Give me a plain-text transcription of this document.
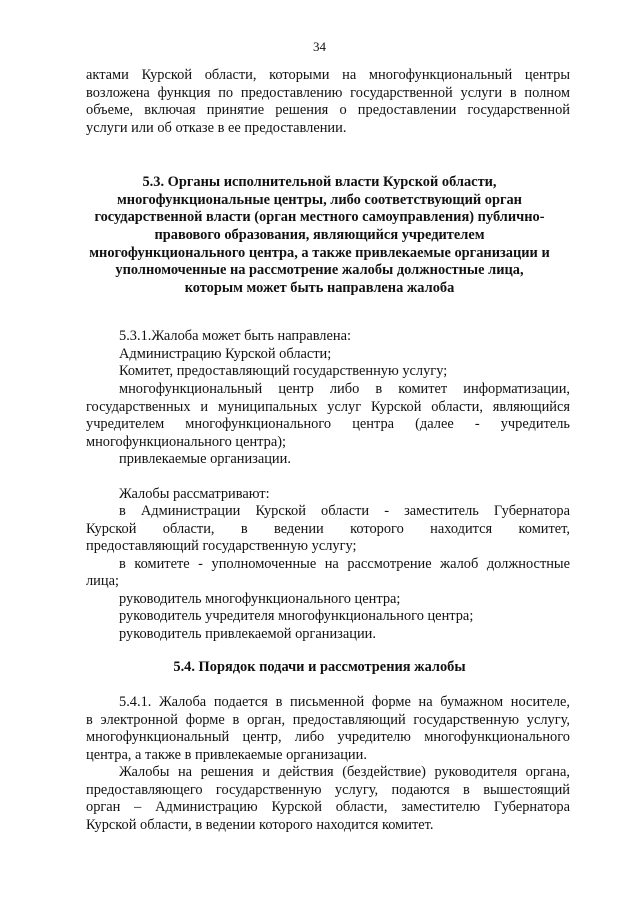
34
актами Курской области, которыми на многофункциональный центры
возложена функция по предоставлению государственной услуги в полном
объеме, включая принятие решения о предоставлении государственной
услуги или об отказе в ее предоставлении.
5.3. Органы исполнительной власти Курской области,
многофункциональные центры, либо соответствующий орган
государственной власти (орган местного самоуправления) публично-
правового образования, являющийся учредителем
многофункционального центра, а также привлекаемые организации и
уполномоченные на рассмотрение жалобы должностные лица,
которым может быть направлена жалоба
5.3.1.Жалоба может быть направлена:
Администрацию Курской области;
Комитет, предоставляющий государственную услугу;
многофункциональный центр либо в комитет информатизации,
государственных и муниципальных услуг Курской области, являющийся
учредителем многофункционального центра (далее - учредитель
многофункционального центра);
привлекаемые организации.
Жалобы рассматривают:
в Администрации Курской области - заместитель Губернатора
Курской области, в ведении которого находится комитет,
предоставляющий государственную услугу;
в комитете - уполномоченные на рассмотрение жалоб должностные
лица;
руководитель многофункционального центра;
руководитель учредителя многофункционального центра;
руководитель привлекаемой организации.
5.4. Порядок подачи и рассмотрения жалобы
5.4.1. Жалоба подается в письменной форме на бумажном носителе,
в электронной форме в орган, предоставляющий государственную услугу,
многофункциональный центр, либо учредителю многофункционального
центра, а также в привлекаемые организации.
Жалобы на решения и действия (бездействие) руководителя органа,
предоставляющего государственную услугу, подаются в вышестоящий
орган – Администрацию Курской области, заместителю Губернатора
Курской области, в ведении которого находится комитет.
